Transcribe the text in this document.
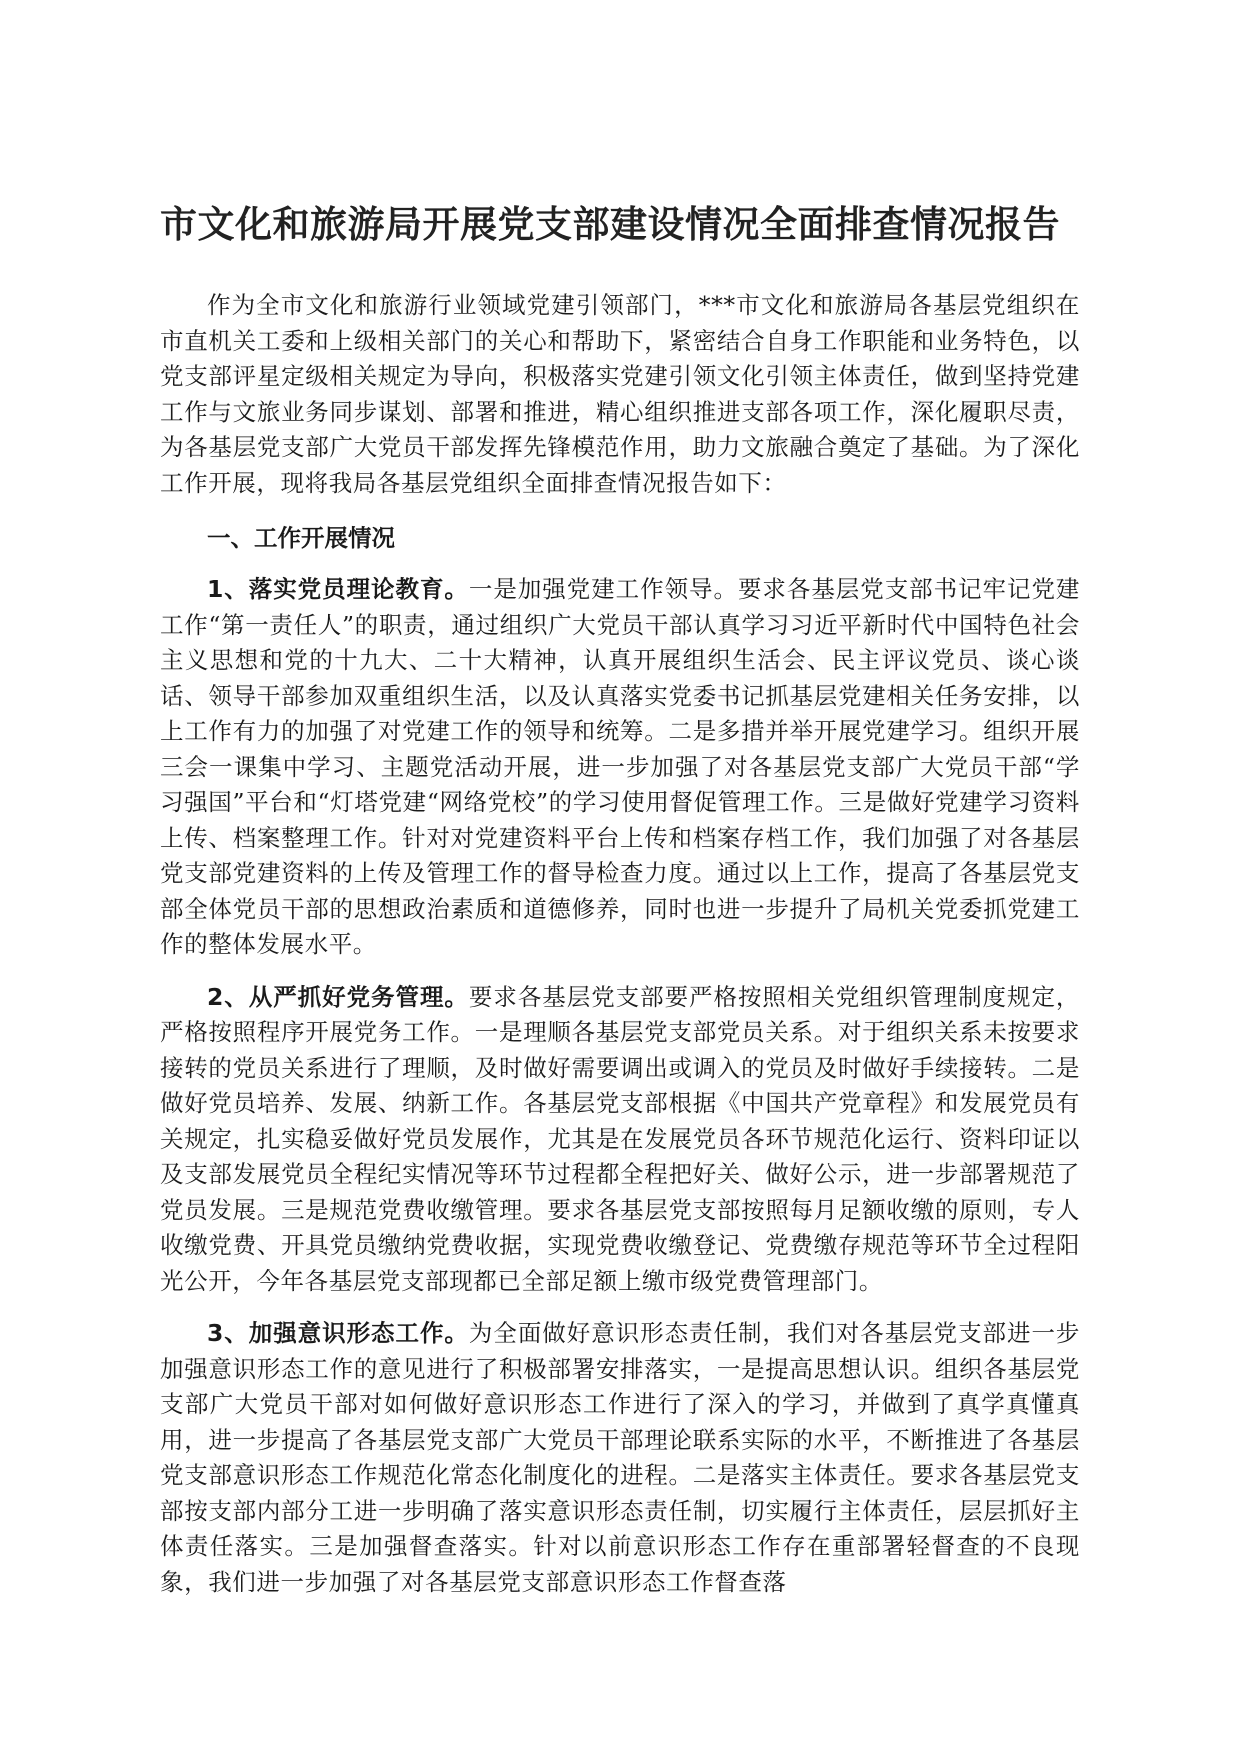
市文化和旅游局开展党支部建设情况全面排查情况报告

作为全市文化和旅游行业领域党建引领部门，***市文化和旅游局各基层党组织在市直机关工委和上级相关部门的关心和帮助下，紧密结合自身工作职能和业务特色，以党支部评星定级相关规定为导向，积极落实党建引领文化引领主体责任，做到坚持党建工作与文旅业务同步谋划、部署和推进，精心组织推进支部各项工作，深化履职尽责，为各基层党支部广大党员干部发挥先锋模范作用，助力文旅融合奠定了基础。为了深化工作开展，现将我局各基层党组织全面排查情况报告如下：

一、工作开展情况

1、落实党员理论教育。一是加强党建工作领导。要求各基层党支部书记牢记党建工作“第一责任人”的职责，通过组织广大党员干部认真学习习近平新时代中国特色社会主义思想和党的十九大、二十大精神，认真开展组织生活会、民主评议党员、谈心谈话、领导干部参加双重组织生活，以及认真落实党委书记抓基层党建相关任务安排，以上工作有力的加强了对党建工作的领导和统筹。二是多措并举开展党建学习。组织开展三会一课集中学习、主题党活动开展，进一步加强了对各基层党支部广大党员干部“学习强国”平台和“灯塔党建“网络党校”的学习使用督促管理工作。三是做好党建学习资料上传、档案整理工作。针对对党建资料平台上传和档案存档工作，我们加强了对各基层党支部党建资料的上传及管理工作的督导检查力度。通过以上工作，提高了各基层党支部全体党员干部的思想政治素质和道德修养，同时也进一步提升了局机关党委抓党建工作的整体发展水平。

2、从严抓好党务管理。要求各基层党支部要严格按照相关党组织管理制度规定，严格按照程序开展党务工作。一是理顺各基层党支部党员关系。对于组织关系未按要求接转的党员关系进行了理顺，及时做好需要调出或调入的党员及时做好手续接转。二是做好党员培养、发展、纳新工作。各基层党支部根据《中国共产党章程》和发展党员有关规定，扎实稳妥做好党员发展作，尤其是在发展党员各环节规范化运行、资料印证以及支部发展党员全程纪实情况等环节过程都全程把好关、做好公示，进一步部署规范了党员发展。三是规范党费收缴管理。要求各基层党支部按照每月足额收缴的原则，专人收缴党费、开具党员缴纳党费收据，实现党费收缴登记、党费缴存规范等环节全过程阳光公开，今年各基层党支部现都已全部足额上缴市级党费管理部门。

3、加强意识形态工作。为全面做好意识形态责任制，我们对各基层党支部进一步加强意识形态工作的意见进行了积极部署安排落实，一是提高思想认识。组织各基层党支部广大党员干部对如何做好意识形态工作进行了深入的学习，并做到了真学真懂真用，进一步提高了各基层党支部广大党员干部理论联系实际的水平，不断推进了各基层党支部意识形态工作规范化常态化制度化的进程。二是落实主体责任。要求各基层党支部按支部内部分工进一步明确了落实意识形态责任制，切实履行主体责任，层层抓好主体责任落实。三是加强督查落实。针对以前意识形态工作存在重部署轻督查的不良现象，我们进一步加强了对各基层党支部意识形态工作督查落
